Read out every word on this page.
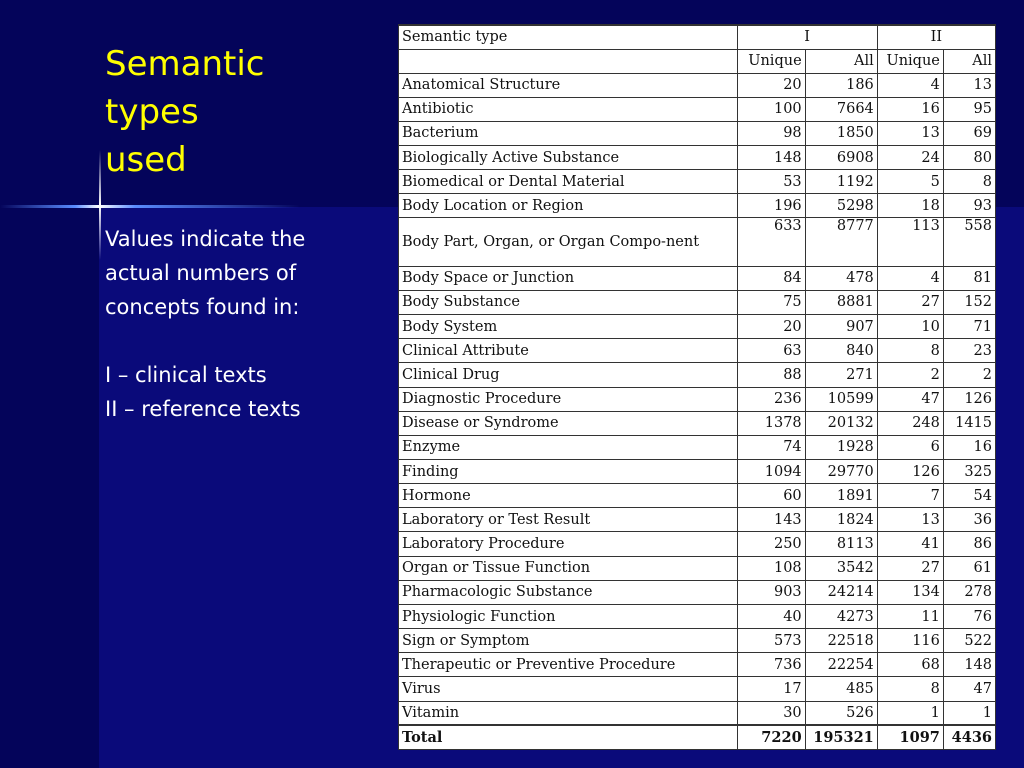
Semantic
types
used
Values indicate the
actual numbers of
concepts found in:
I – clinical texts
II – reference texts
Semantic type	I		II	
	Unique	All	Unique	All
Anatomical Structure	20	186	4	13
Antibiotic	100	7664	16	95
Bacterium	98	1850	13	69
Biologically Active Substance	148	6908	24	80
Biomedical or Dental Material	53	1192	5	8
Body Location or Region	196	5298	18	93
Body Part, Organ, or Organ Compo-nent	633	8777	113	558
Body Space or Junction	84	478	4	81
Body Substance	75	8881	27	152
Body System	20	907	10	71
Clinical Attribute	63	840	8	23
Clinical Drug	88	271	2	2
Diagnostic Procedure	236	10599	47	126
Disease or Syndrome	1378	20132	248	1415
Enzyme	74	1928	6	16
Finding	1094	29770	126	325
Hormone	60	1891	7	54
Laboratory or Test Result	143	1824	13	36
Laboratory Procedure	250	8113	41	86
Organ or Tissue Function	108	3542	27	61
Pharmacologic Substance	903	24214	134	278
Physiologic Function	40	4273	11	76
Sign or Symptom	573	22518	116	522
Therapeutic or Preventive Procedure	736	22254	68	148
Virus	17	485	8	47
Vitamin	30	526	1	1
Total	7220	195321	1097	4436
